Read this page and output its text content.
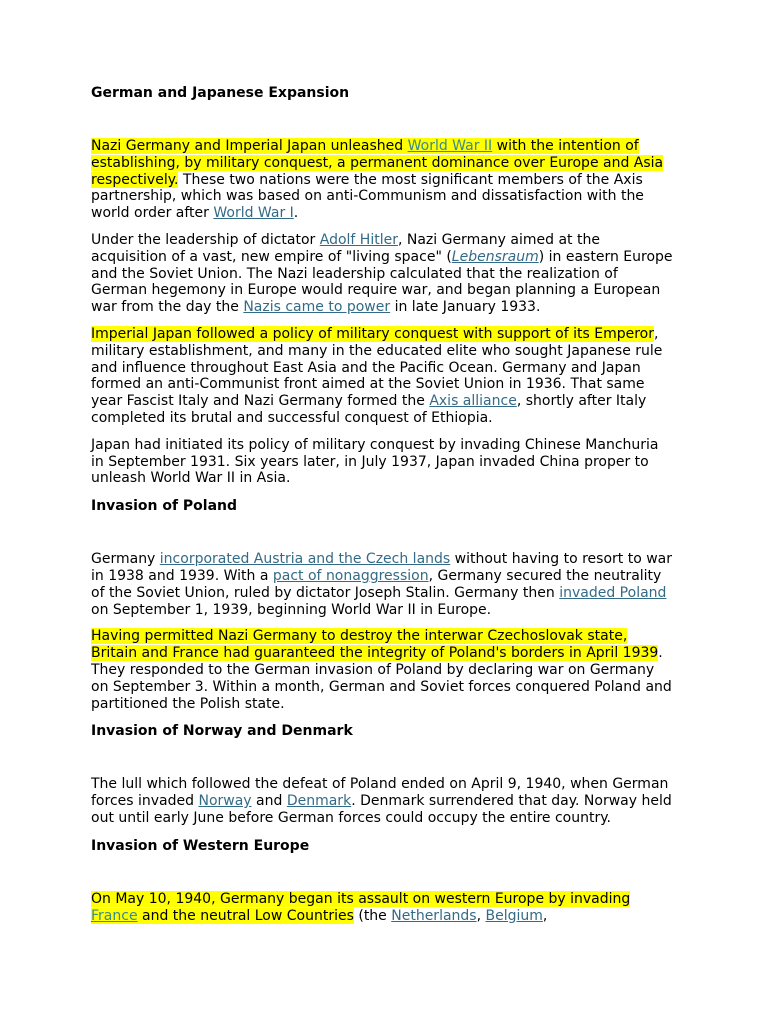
German and Japanese Expansion

Nazi Germany and Imperial Japan unleashed World War II with the intention of establishing, by military conquest, a permanent dominance over Europe and Asia respectively. These two nations were the most significant members of the Axis partnership, which was based on anti-Communism and dissatisfaction with the world order after World War I.

Under the leadership of dictator Adolf Hitler, Nazi Germany aimed at the acquisition of a vast, new empire of "living space" (Lebensraum) in eastern Europe and the Soviet Union. The Nazi leadership calculated that the realization of German hegemony in Europe would require war, and began planning a European war from the day the Nazis came to power in late January 1933.

Imperial Japan followed a policy of military conquest with support of its Emperor, military establishment, and many in the educated elite who sought Japanese rule and influence throughout East Asia and the Pacific Ocean. Germany and Japan formed an anti-Communist front aimed at the Soviet Union in 1936. That same year Fascist Italy and Nazi Germany formed the Axis alliance, shortly after Italy completed its brutal and successful conquest of Ethiopia.

Japan had initiated its policy of military conquest by invading Chinese Manchuria in September 1931. Six years later, in July 1937, Japan invaded China proper to unleash World War II in Asia.

Invasion of Poland

Germany incorporated Austria and the Czech lands without having to resort to war in 1938 and 1939. With a pact of nonaggression, Germany secured the neutrality of the Soviet Union, ruled by dictator Joseph Stalin. Germany then invaded Poland on September 1, 1939, beginning World War II in Europe.

Having permitted Nazi Germany to destroy the interwar Czechoslovak state, Britain and France had guaranteed the integrity of Poland's borders in April 1939. They responded to the German invasion of Poland by declaring war on Germany on September 3. Within a month, German and Soviet forces conquered Poland and partitioned the Polish state.

Invasion of Norway and Denmark

The lull which followed the defeat of Poland ended on April 9, 1940, when German forces invaded Norway and Denmark. Denmark surrendered that day. Norway held out until early June before German forces could occupy the entire country.

Invasion of Western Europe

On May 10, 1940, Germany began its assault on western Europe by invading France and the neutral Low Countries (the Netherlands, Belgium,
